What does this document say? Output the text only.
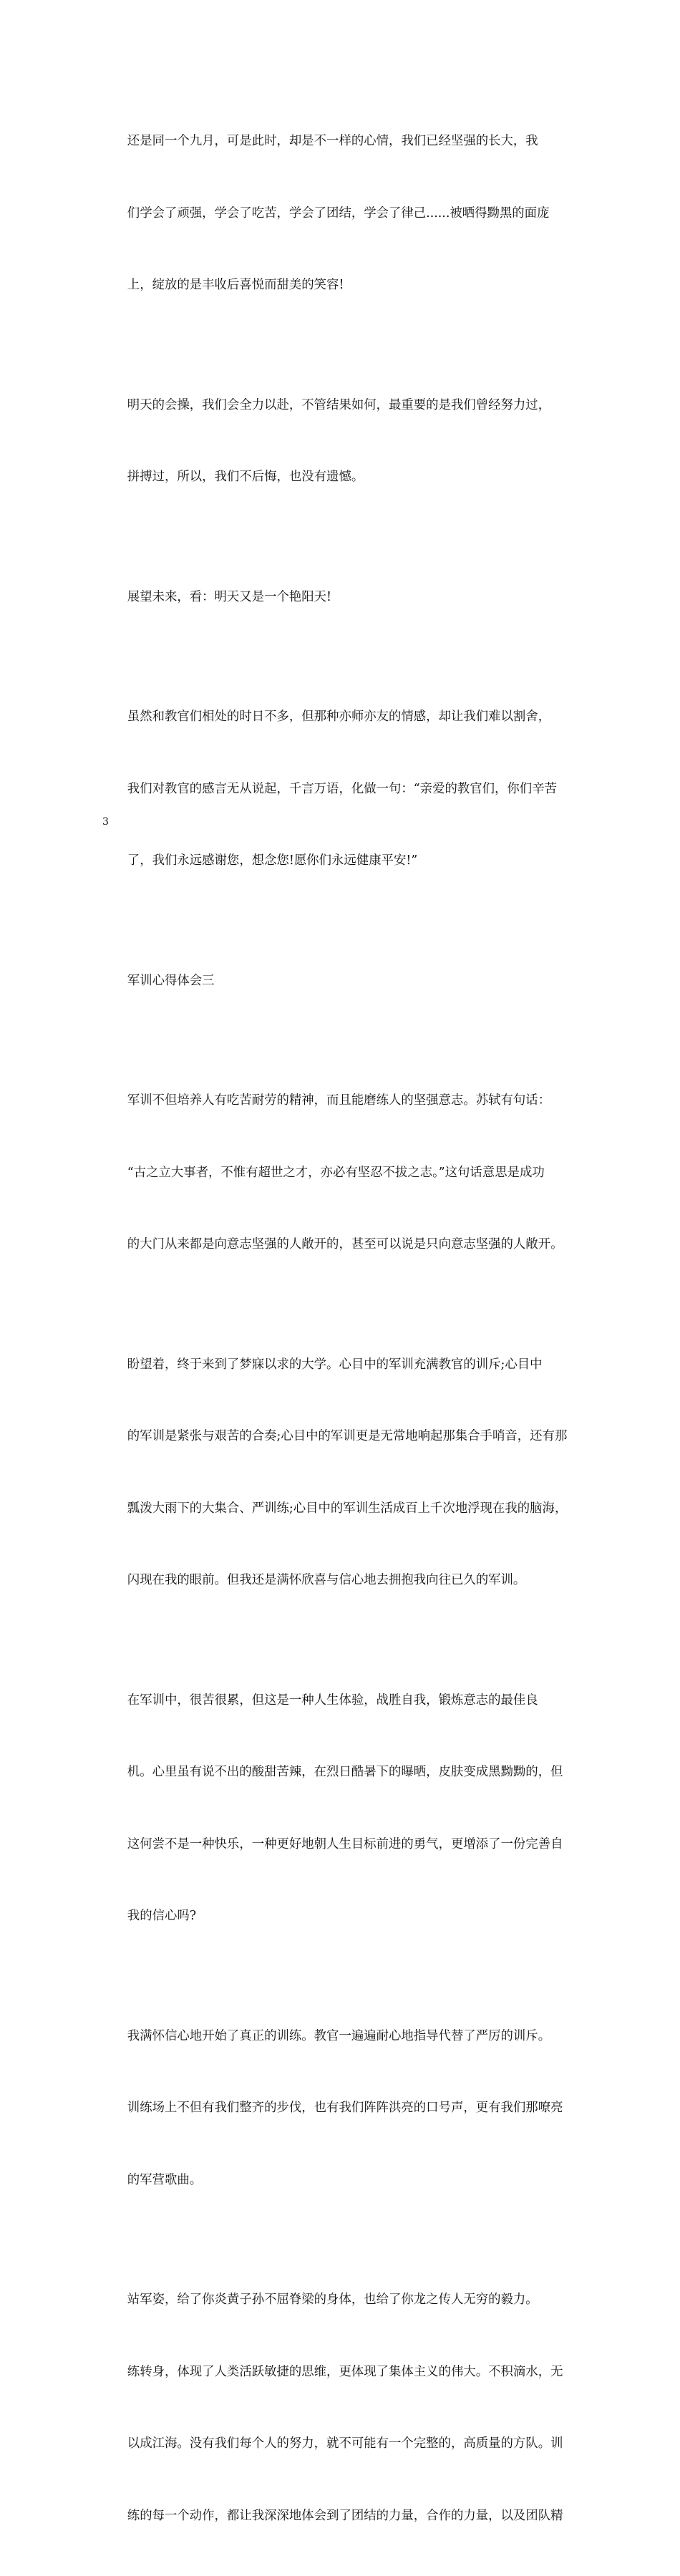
还是同一个九月，可是此时，却是不一样的心情，我们已经坚强的长大，我

们学会了顽强，学会了吃苦，学会了团结，学会了律己......被晒得黝黑的面庞

上，绽放的是丰收后喜悦而甜美的笑容!

明天的会操，我们会全力以赴，不管结果如何，最重要的是我们曾经努力过，

拼搏过，所以，我们不后悔，也没有遗憾。

展望未来，看：明天又是一个艳阳天!

虽然和教官们相处的时日不多，但那种亦师亦友的情感，却让我们难以割舍，

我们对教官的感言无从说起，千言万语，化做一句：“亲爱的教官们，你们辛苦

了，我们永远感谢您，想念您!愿你们永远健康平安!”

军训心得体会三

军训不但培养人有吃苦耐劳的精神，而且能磨练人的坚强意志。苏轼有句话：

“古之立大事者，不惟有超世之才，亦必有坚忍不拔之志。”这句话意思是成功

的大门从来都是向意志坚强的人敞开的，甚至可以说是只向意志坚强的人敞开。

盼望着，终于来到了梦寐以求的大学。心目中的军训充满教官的训斥;心目中

的军训是紧张与艰苦的合奏;心目中的军训更是无常地响起那集合手哨音，还有那

瓢泼大雨下的大集合、严训练;心目中的军训生活成百上千次地浮现在我的脑海，

闪现在我的眼前。但我还是满怀欣喜与信心地去拥抱我向往已久的军训。

在军训中，很苦很累，但这是一种人生体验，战胜自我，锻炼意志的最佳良

机。心里虽有说不出的酸甜苦辣，在烈日酷暑下的曝晒，皮肤变成黑黝黝的，但

这何尝不是一种快乐，一种更好地朝人生目标前进的勇气，更增添了一份完善自

我的信心吗?

我满怀信心地开始了真正的训练。教官一遍遍耐心地指导代替了严厉的训斥。

训练场上不但有我们整齐的步伐，也有我们阵阵洪亮的口号声，更有我们那嘹亮

的军营歌曲。

站军姿，给了你炎黄子孙不屈脊梁的身体，也给了你龙之传人无穷的毅力。

练转身，体现了人类活跃敏捷的思维，更体现了集体主义的伟大。不积滴水，无

以成江海。没有我们每个人的努力，就不可能有一个完整的，高质量的方队。训

练的每一个动作，都让我深深地体会到了团结的力量，合作的力量，以及团队精

3
